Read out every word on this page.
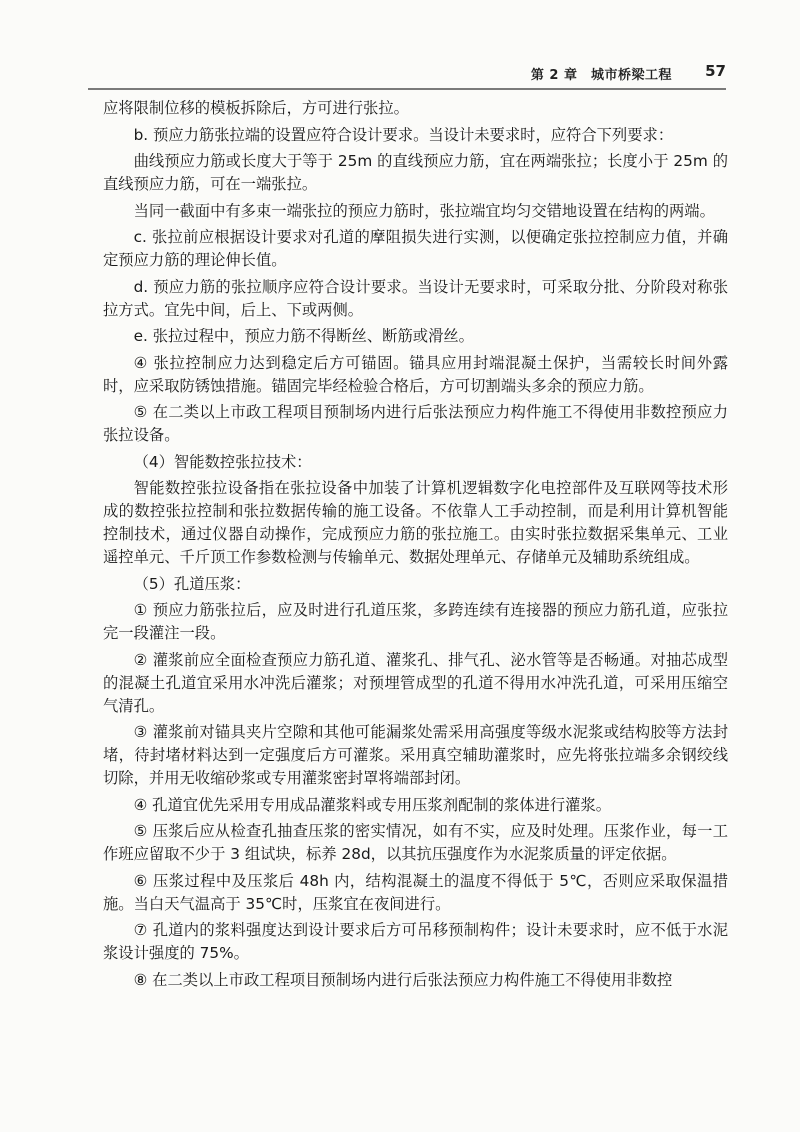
第 2 章　城市桥梁工程 57

应将限制位移的模板拆除后，方可进行张拉。

b. 预应力筋张拉端的设置应符合设计要求。当设计未要求时，应符合下列要求：

曲线预应力筋或长度大于等于 25m 的直线预应力筋，宜在两端张拉；长度小于 25m 的直线预应力筋，可在一端张拉。

当同一截面中有多束一端张拉的预应力筋时，张拉端宜均匀交错地设置在结构的两端。

c. 张拉前应根据设计要求对孔道的摩阻损失进行实测，以便确定张拉控制应力值，并确定预应力筋的理论伸长值。

d. 预应力筋的张拉顺序应符合设计要求。当设计无要求时，可采取分批、分阶段对称张拉方式。宜先中间，后上、下或两侧。

e. 张拉过程中，预应力筋不得断丝、断筋或滑丝。

④ 张拉控制应力达到稳定后方可锚固。锚具应用封端混凝土保护，当需较长时间外露时，应采取防锈蚀措施。锚固完毕经检验合格后，方可切割端头多余的预应力筋。

⑤ 在二类以上市政工程项目预制场内进行后张法预应力构件施工不得使用非数控预应力张拉设备。

（4）智能数控张拉技术：

智能数控张拉设备指在张拉设备中加装了计算机逻辑数字化电控部件及互联网等技术形成的数控张拉控制和张拉数据传输的施工设备。不依靠人工手动控制，而是利用计算机智能控制技术，通过仪器自动操作，完成预应力筋的张拉施工。由实时张拉数据采集单元、工业遥控单元、千斤顶工作参数检测与传输单元、数据处理单元、存储单元及辅助系统组成。

（5）孔道压浆：

① 预应力筋张拉后，应及时进行孔道压浆，多跨连续有连接器的预应力筋孔道，应张拉完一段灌注一段。

② 灌浆前应全面检查预应力筋孔道、灌浆孔、排气孔、泌水管等是否畅通。对抽芯成型的混凝土孔道宜采用水冲洗后灌浆；对预埋管成型的孔道不得用水冲洗孔道，可采用压缩空气清孔。

③ 灌浆前对锚具夹片空隙和其他可能漏浆处需采用高强度等级水泥浆或结构胶等方法封堵，待封堵材料达到一定强度后方可灌浆。采用真空辅助灌浆时，应先将张拉端多余钢绞线切除，并用无收缩砂浆或专用灌浆密封罩将端部封闭。

④ 孔道宜优先采用专用成品灌浆料或专用压浆剂配制的浆体进行灌浆。

⑤ 压浆后应从检查孔抽查压浆的密实情况，如有不实，应及时处理。压浆作业，每一工作班应留取不少于 3 组试块，标养 28d，以其抗压强度作为水泥浆质量的评定依据。

⑥ 压浆过程中及压浆后 48h 内，结构混凝土的温度不得低于 5℃，否则应采取保温措施。当白天气温高于 35℃时，压浆宜在夜间进行。

⑦ 孔道内的浆料强度达到设计要求后方可吊移预制构件；设计未要求时，应不低于水泥浆设计强度的 75%。

⑧ 在二类以上市政工程项目预制场内进行后张法预应力构件施工不得使用非数控
